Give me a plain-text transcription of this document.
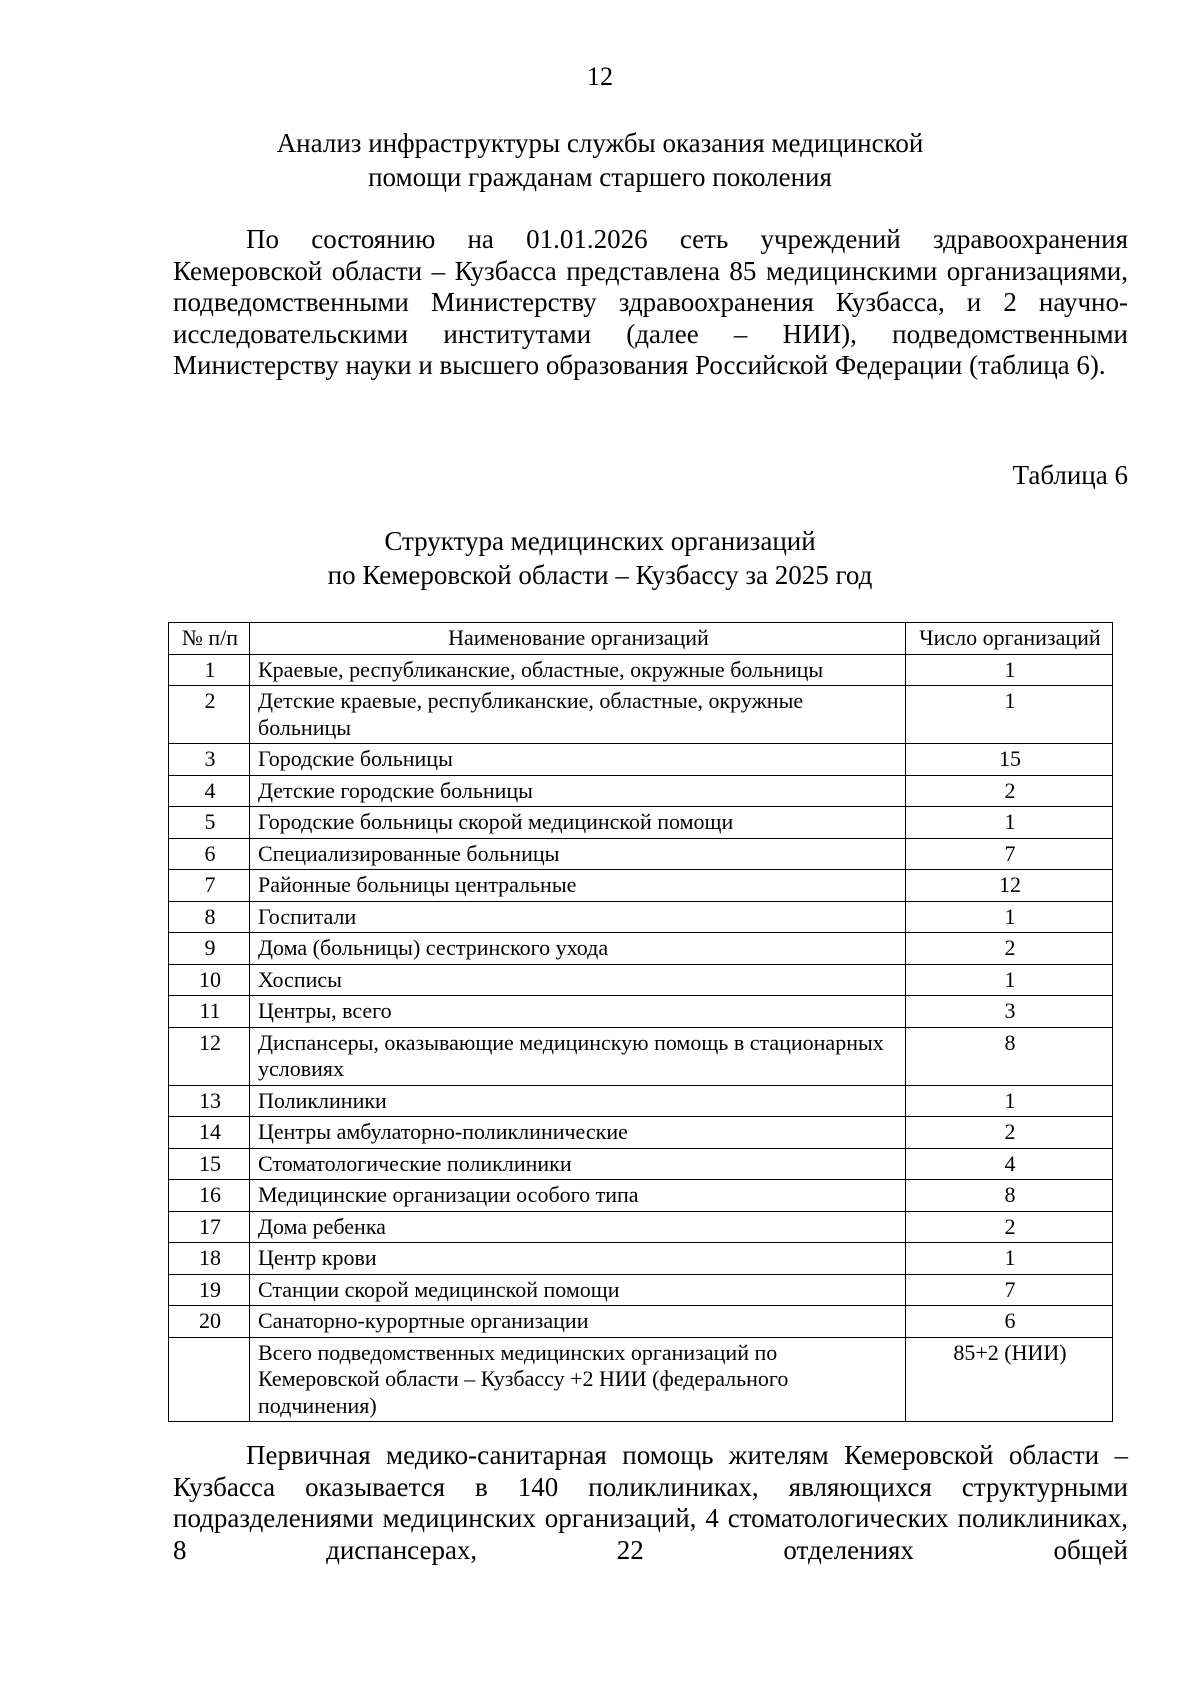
12
Анализ инфраструктуры службы оказания медицинской
помощи гражданам старшего поколения
По состоянию на 01.01.2026 сеть учреждений здравоохранения Кемеровской области – Кузбасса представлена 85 медицинскими организациями, подведомственными Министерству здравоохранения Кузбасса, и 2 научно-исследовательскими институтами (далее – НИИ), подведомственными Министерству науки и высшего образования Российской Федерации (таблица 6).
Таблица 6
Структура медицинских организаций
по Кемеровской области – Кузбассу за 2025 год
№ п/п	Наименование организаций	Число организаций
1	Краевые, республиканские, областные, окружные больницы	1
2	Детские краевые, республиканские, областные, окружные больницы	1
3	Городские больницы	15
4	Детские городские больницы	2
5	Городские больницы скорой медицинской помощи	1
6	Специализированные больницы	7
7	Районные больницы центральные	12
8	Госпитали	1
9	Дома (больницы) сестринского ухода	2
10	Хосписы	1
11	Центры, всего	3
12	Диспансеры, оказывающие медицинскую помощь в стационарных условиях	8
13	Поликлиники	1
14	Центры амбулаторно-поликлинические	2
15	Стоматологические поликлиники	4
16	Медицинские организации особого типа	8
17	Дома ребенка	2
18	Центр крови	1
19	Станции скорой медицинской помощи	7
20	Санаторно-курортные организации	6
	Всего подведомственных медицинских организаций по Кемеровской области – Кузбассу +2 НИИ (федерального подчинения)	85+2 (НИИ)
Первичная медико-санитарная помощь жителям Кемеровской области – Кузбасса оказывается в 140 поликлиниках, являющихся структурными подразделениями медицинских организаций, 4 стоматологических поликлиниках, 8 диспансерах, 22 отделениях общей
